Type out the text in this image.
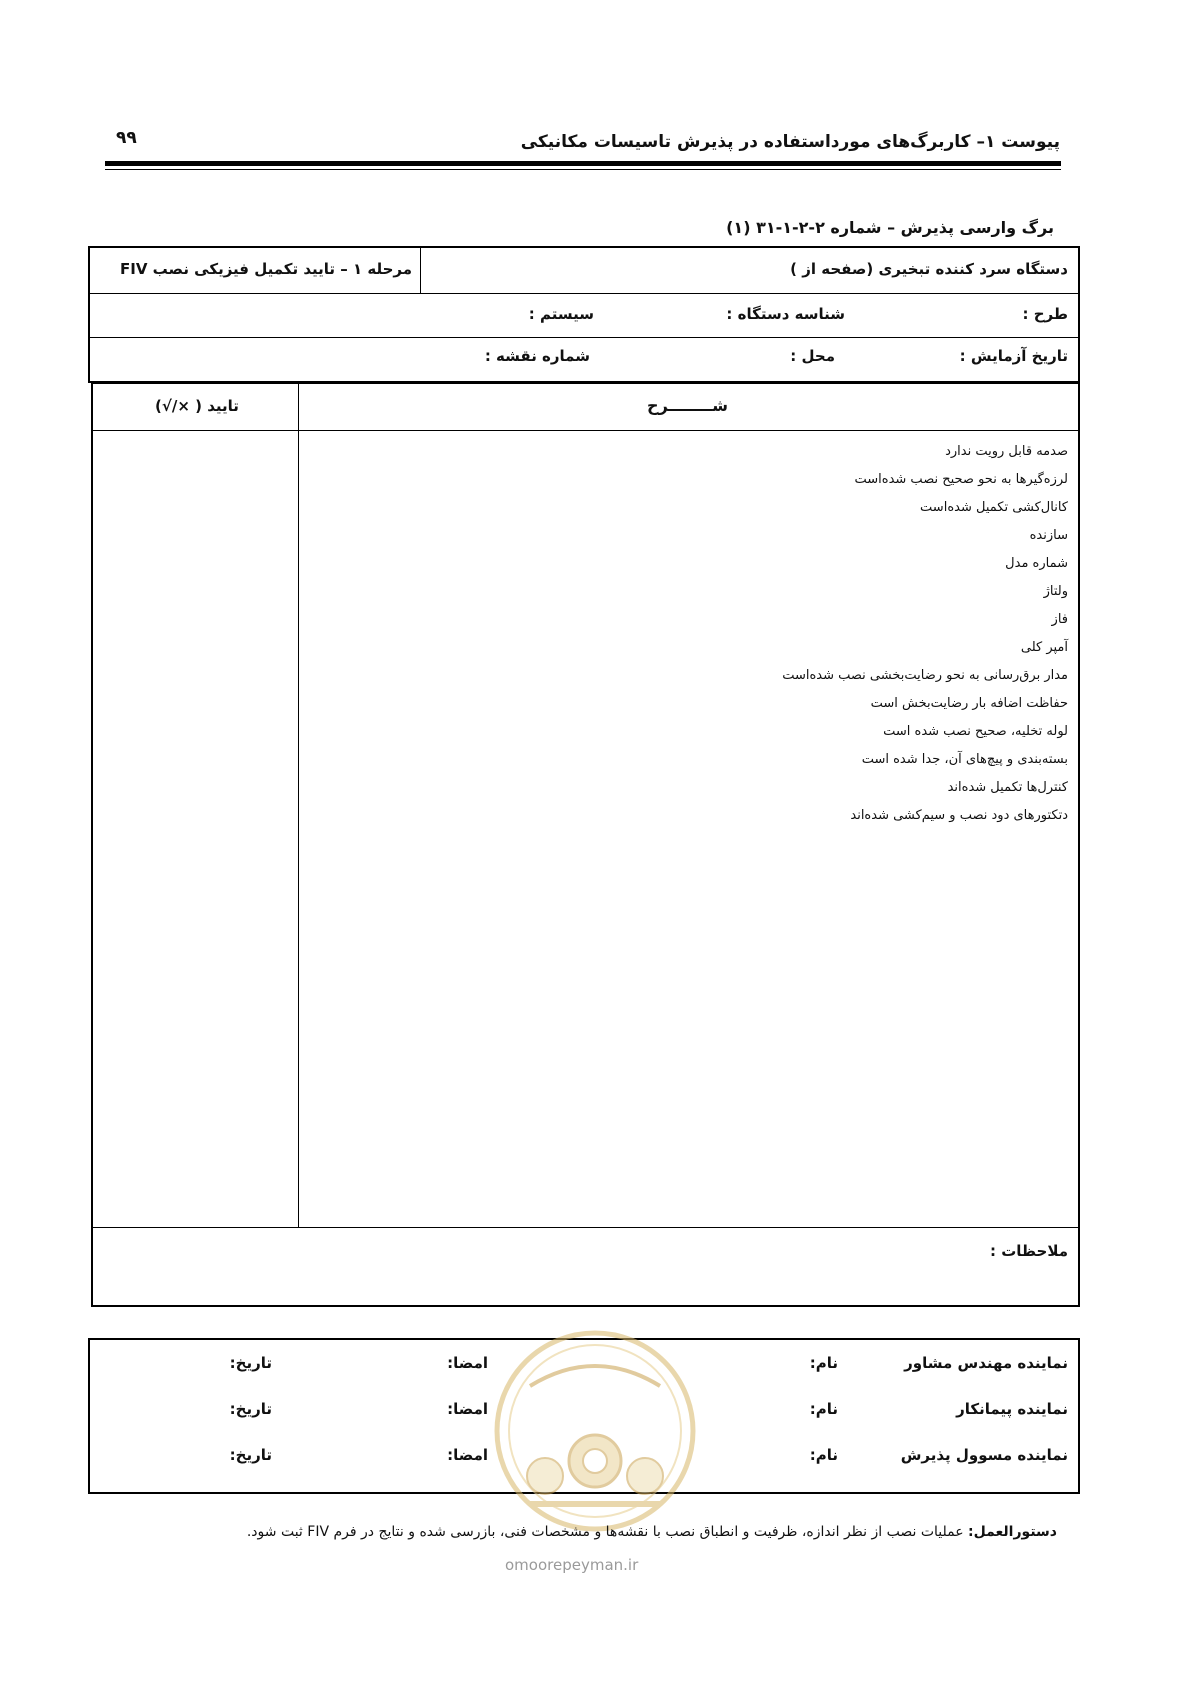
۹۹	پیوست ۱– کاربرگ‌های مورداستفاده در پذیرش تاسیسات مکانیکی
برگ وارسی پذیرش – شماره ۲-۲-۱-۳۱ (۱)
دستگاه سرد کننده تبخیری (صفحه از )
مرحله ۱ – تایید تکمیل فیزیکی نصب FIV
طرح :
شناسه دستگاه :
سیستم :
تاریخ آزمایش :
محل :
شماره نقشه :
شــــــــرح
تایید ( ×/√)
صدمه قابل رویت ندارد
لرزه‌گیرها به نحو صحیح نصب شده‌است
کانال‌کشی تکمیل شده‌است
سازنده
شماره مدل
ولتاژ
فاز
آمپر کلی
مدار برق‌رسانی به نحو رضایت‌بخشی نصب شده‌است
حفاظت اضافه بار رضایت‌بخش است
لوله تخلیه، صحیح نصب شده است
بسته‌بندی و پیچ‌های آن، جدا شده است
کنترل‌ها تکمیل شده‌اند
دتکتورهای دود نصب و سیم‌کشی شده‌اند
ملاحظات :
نماینده مهندس مشاور
نام:
امضا:
تاریخ:
نماینده پیمانکار
نام:
امضا:
تاریخ:
نماینده مسوول پذیرش
نام:
امضا:
تاریخ:
omoorepeyman.ir
دستورالعمل: عملیات نصب از نظر اندازه، ظرفیت و انطباق نصب با نقشه‌ها و مشخصات فنی، بازرسی شده و نتایج در فرم FIV ثبت شود.
